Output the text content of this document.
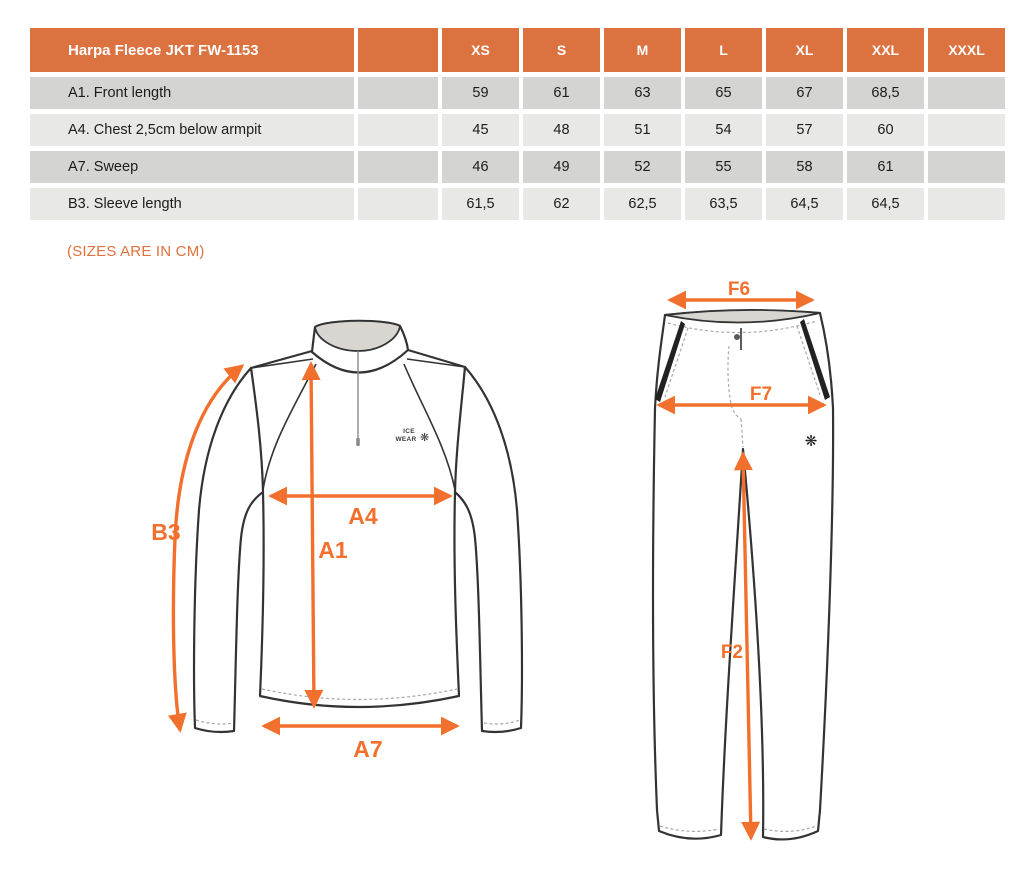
Harpa Fleece JKT FW-1153	XS	S	M	L	XL	XXL	XXXL
A1. Front length	59	61	63	65	67	68,5
A4. Chest 2,5cm below armpit	45	48	51	54	57	60
A7. Sweep	46	49	52	55	58	61
B3. Sleeve length	61,5	62	62,5	63,5	64,5	64,5
(SIZES ARE IN CM)
ICE
WEAR ❋
B3
A1
A4
A7
❋
F6
F7
F2
